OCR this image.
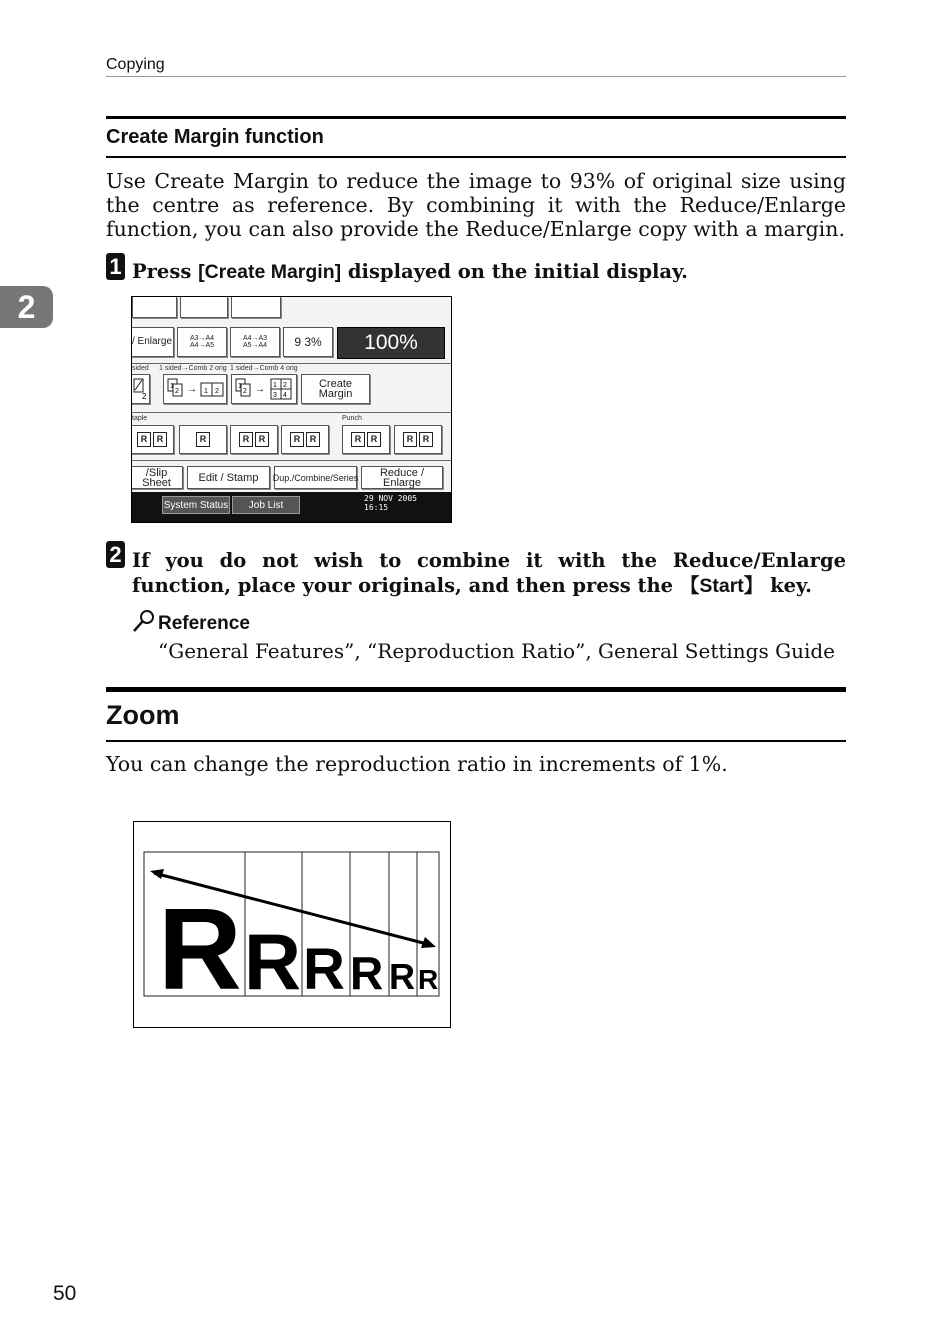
Copying
2
Create Margin function
Use Create Margin to reduce the image to 93% of original size using the centre as reference. By combining it with the Reduce/Enlarge function, you can also provide the Reduce/Enlarge copy with a margin.
1 Press [Create Margin] displayed on the initial display.
/ Enlarge	A3→A4
A4→A5
A4→A3
A5→A4	9 3%	100%
sided 1 sided→Comb 2 orig 1 sided→Comb 4 orig
2
1
2 → 1 2
1
2 → 1 2
3 4
Create Margin
taple	Punch
R	R	R	R	R	R	R	R	R	R	R
/Slip Sheet	Edit / Stamp	Dup./Combine/Series	Reduce / Enlarge
System Status	Job List
29 NOV 2005
16:15
2 If you do not wish to combine it with the Reduce/Enlarge function, place your originals, and then press the 【Start】 key.
Reference
“General Features”, “Reproduction Ratio”, General Settings Guide
Zoom
You can change the reproduction ratio in increments of 1%.
R R R R R R
50
